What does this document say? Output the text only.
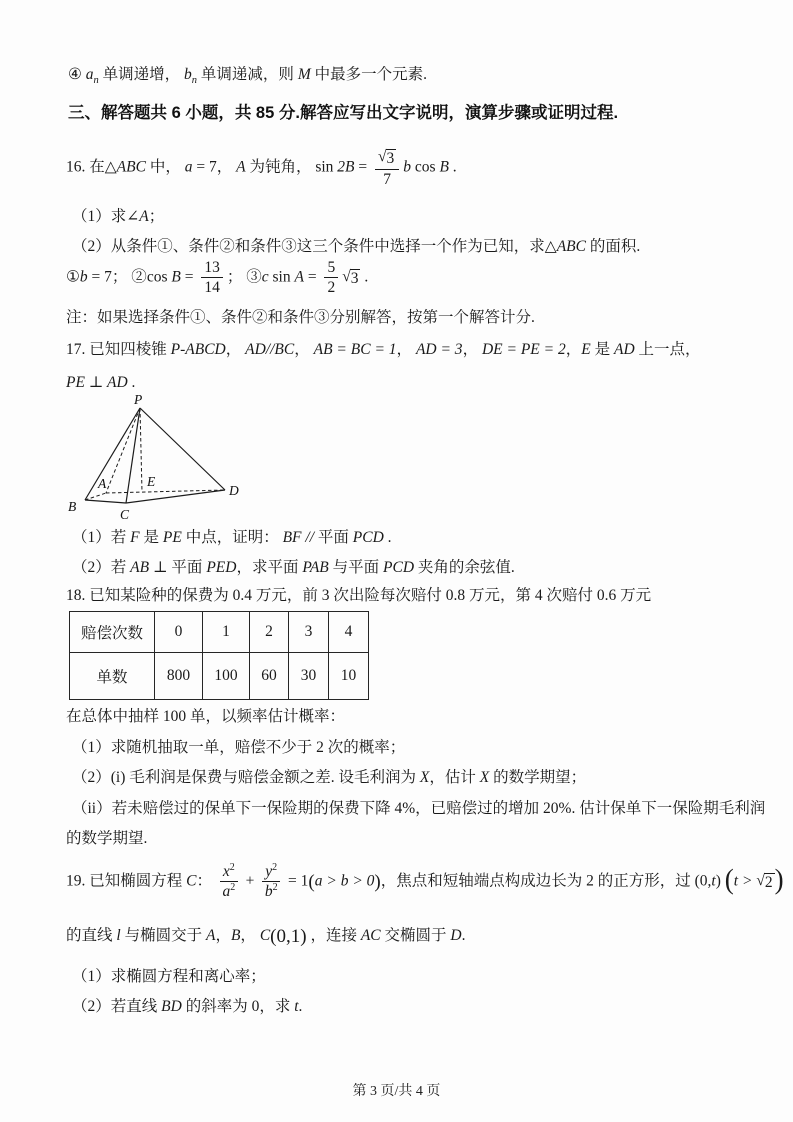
④ $a_n$ 单调递增， $b_n$ 单调递减，则 M 中最多一个元素.
三、解答题共 6 小题，共 85 分.解答应写出文字说明，演算步骤或证明过程.
16. 在△ABC 中， a = 7， A 为钝角， $\sin 2B = \frac{√ 3}{7}$ b cos B .
（1）求∠A；
（2）从条件①、条件②和条件③这三个条件中选择一个作为已知，求△ABC 的面积.
①b = 7； ②cos $B = \frac{13}{14}$ ； ③c $\sin A = \frac{5}{2}$ √ 3 .
注：如果选择条件①、条件②和条件③分别解答，按第一个解答计分.
17. 已知四棱锥 P-ABCD， AD//BC， AB = BC = 1， AD = 3， DE = PE = 2，E 是 AD 上一点，
PE ⊥ AD .
P
A
B
C
D
E
（1）若 F 是 PE 中点，证明： BF // 平面 PCD .
（2）若 AB ⊥ 平面 PED，求平面 PAB 与平面 PCD 夹角的余弦值.
18. 已知某险种的保费为 0.4 万元，前 3 次出险每次赔付 0.8 万元，第 4 次赔付 0.6 万元
赔偿次数	0	1	2	3	4
单数	800	100	60	30	10
在总体中抽样 100 单，以频率估计概率：
（1）求随机抽取一单，赔偿不少于 2 次的概率；
（2）(i) 毛利润是保费与赔偿金额之差. 设毛利润为 X，估计 X 的数学期望；
（ii）若未赔偿过的保单下一保险期的保费下降 4%，已赔偿过的增加 20%. 估计保单下一保险期毛利润
的数学期望.
19. 已知椭圆方程 C： $\frac{x^2}{a^2} + \frac{y^2}{b^2} = 1(a > b > 0)$，焦点和短轴端点构成边长为 2 的正方形，过 (0,t) (t > √ 2 )
的直线 l 与椭圆交于 A，B， C(0,1) ，连接 AC 交椭圆于 D.
（1）求椭圆方程和离心率；
（2）若直线 BD 的斜率为 0，求 t.
第 3 页/共 4 页
